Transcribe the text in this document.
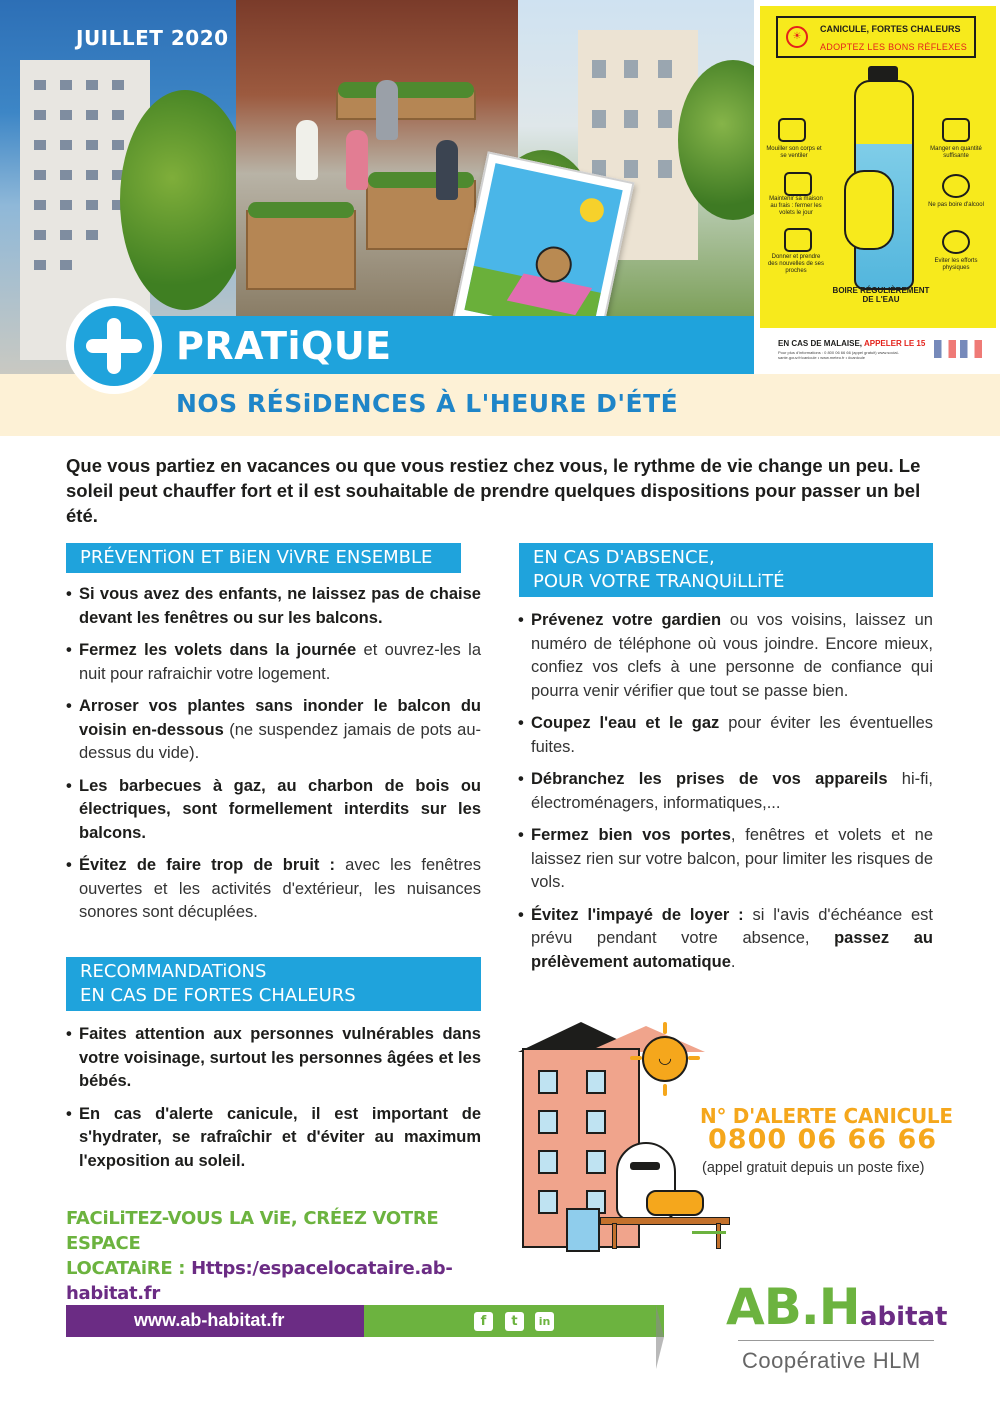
☀
CANICULE, FORTES CHALEURS
ADOPTEZ LES BONS RÉFLEXES
Mouiller son corps et se ventiler
Manger en quantité suffisante
Maintenir sa maison au frais : fermer les volets le jour
Ne pas boire d'alcool
Donner et prendre des nouvelles de ses proches
Eviter les efforts physiques
BOIRE RÉGULIÈREMENT DE L'EAU
EN CAS DE MALAISE, APPELER LE 15
Pour plus d'informations : 0 800 06 66 66 (appel gratuit) www.social-sante.gouv.fr/canicule • www.meteo.fr • #canicule
JUILLET 2020
PRATiQUE
NOS RÉSiDENCES À L'HEURE D'ÉTÉ

Que vous partiez en vacances ou que vous restiez chez vous, le rythme de vie change un peu. Le soleil peut chauffer fort et il est souhaitable de prendre quelques dispositions pour passer un bel été.

PRÉVENTiON ET BiEN ViVRE ENSEMBLE
• Si vous avez des enfants, ne laissez pas de chaise devant les fenêtres ou sur les balcons.
• Fermez les volets dans la journée et ouvrez-les la nuit pour rafraichir votre logement.
• Arroser vos plantes sans inonder le balcon du voisin en-dessous (ne suspendez jamais de pots au-dessus du vide).
• Les barbecues à gaz, au charbon de bois ou électriques, sont formellement interdits sur les balcons.
• Évitez de faire trop de bruit : avec les fenêtres ouvertes et les activités d'extérieur, les nuisances sonores sont décuplées.
RECOMMANDATiONS
EN CAS DE FORTES CHALEURS
• Faites attention aux personnes vulnérables dans votre voisinage, surtout les personnes âgées et les bébés.
• En cas d'alerte canicule, il est important de s'hydrater, se rafraîchir et d'éviter au maximum l'exposition au soleil.
FACiLiTEZ-VOUS LA ViE, CRÉEZ VOTRE ESPACE
LOCATAiRE : Https:/espacelocataire.ab-habitat.fr
EN CAS D'ABSENCE,
POUR VOTRE TRANQUiLLiTÉ
• Prévenez votre gardien ou vos voisins, laissez un numéro de téléphone où vous joindre. Encore mieux, confiez vos clefs à une personne de confiance qui pourra venir vérifier que tout se passe bien.
• Coupez l'eau et le gaz pour éviter les éventuelles fuites.
• Débranchez les prises de vos appareils hi-fi, électroménagers, informatiques,...
• Fermez bien vos portes, fenêtres et volets et ne laissez rien sur votre balcon, pour limiter les risques de vols.
• Évitez l'impayé de loyer : si l'avis d'échéance est prévu pendant votre absence, passez au prélèvement automatique.
◡
N° D'ALERTE CANICULE
0800 06 66 66
(appel gratuit depuis un poste fixe)
www.ab-habitat.fr	f	t	in	AB.H abitat
Coopérative HLM
